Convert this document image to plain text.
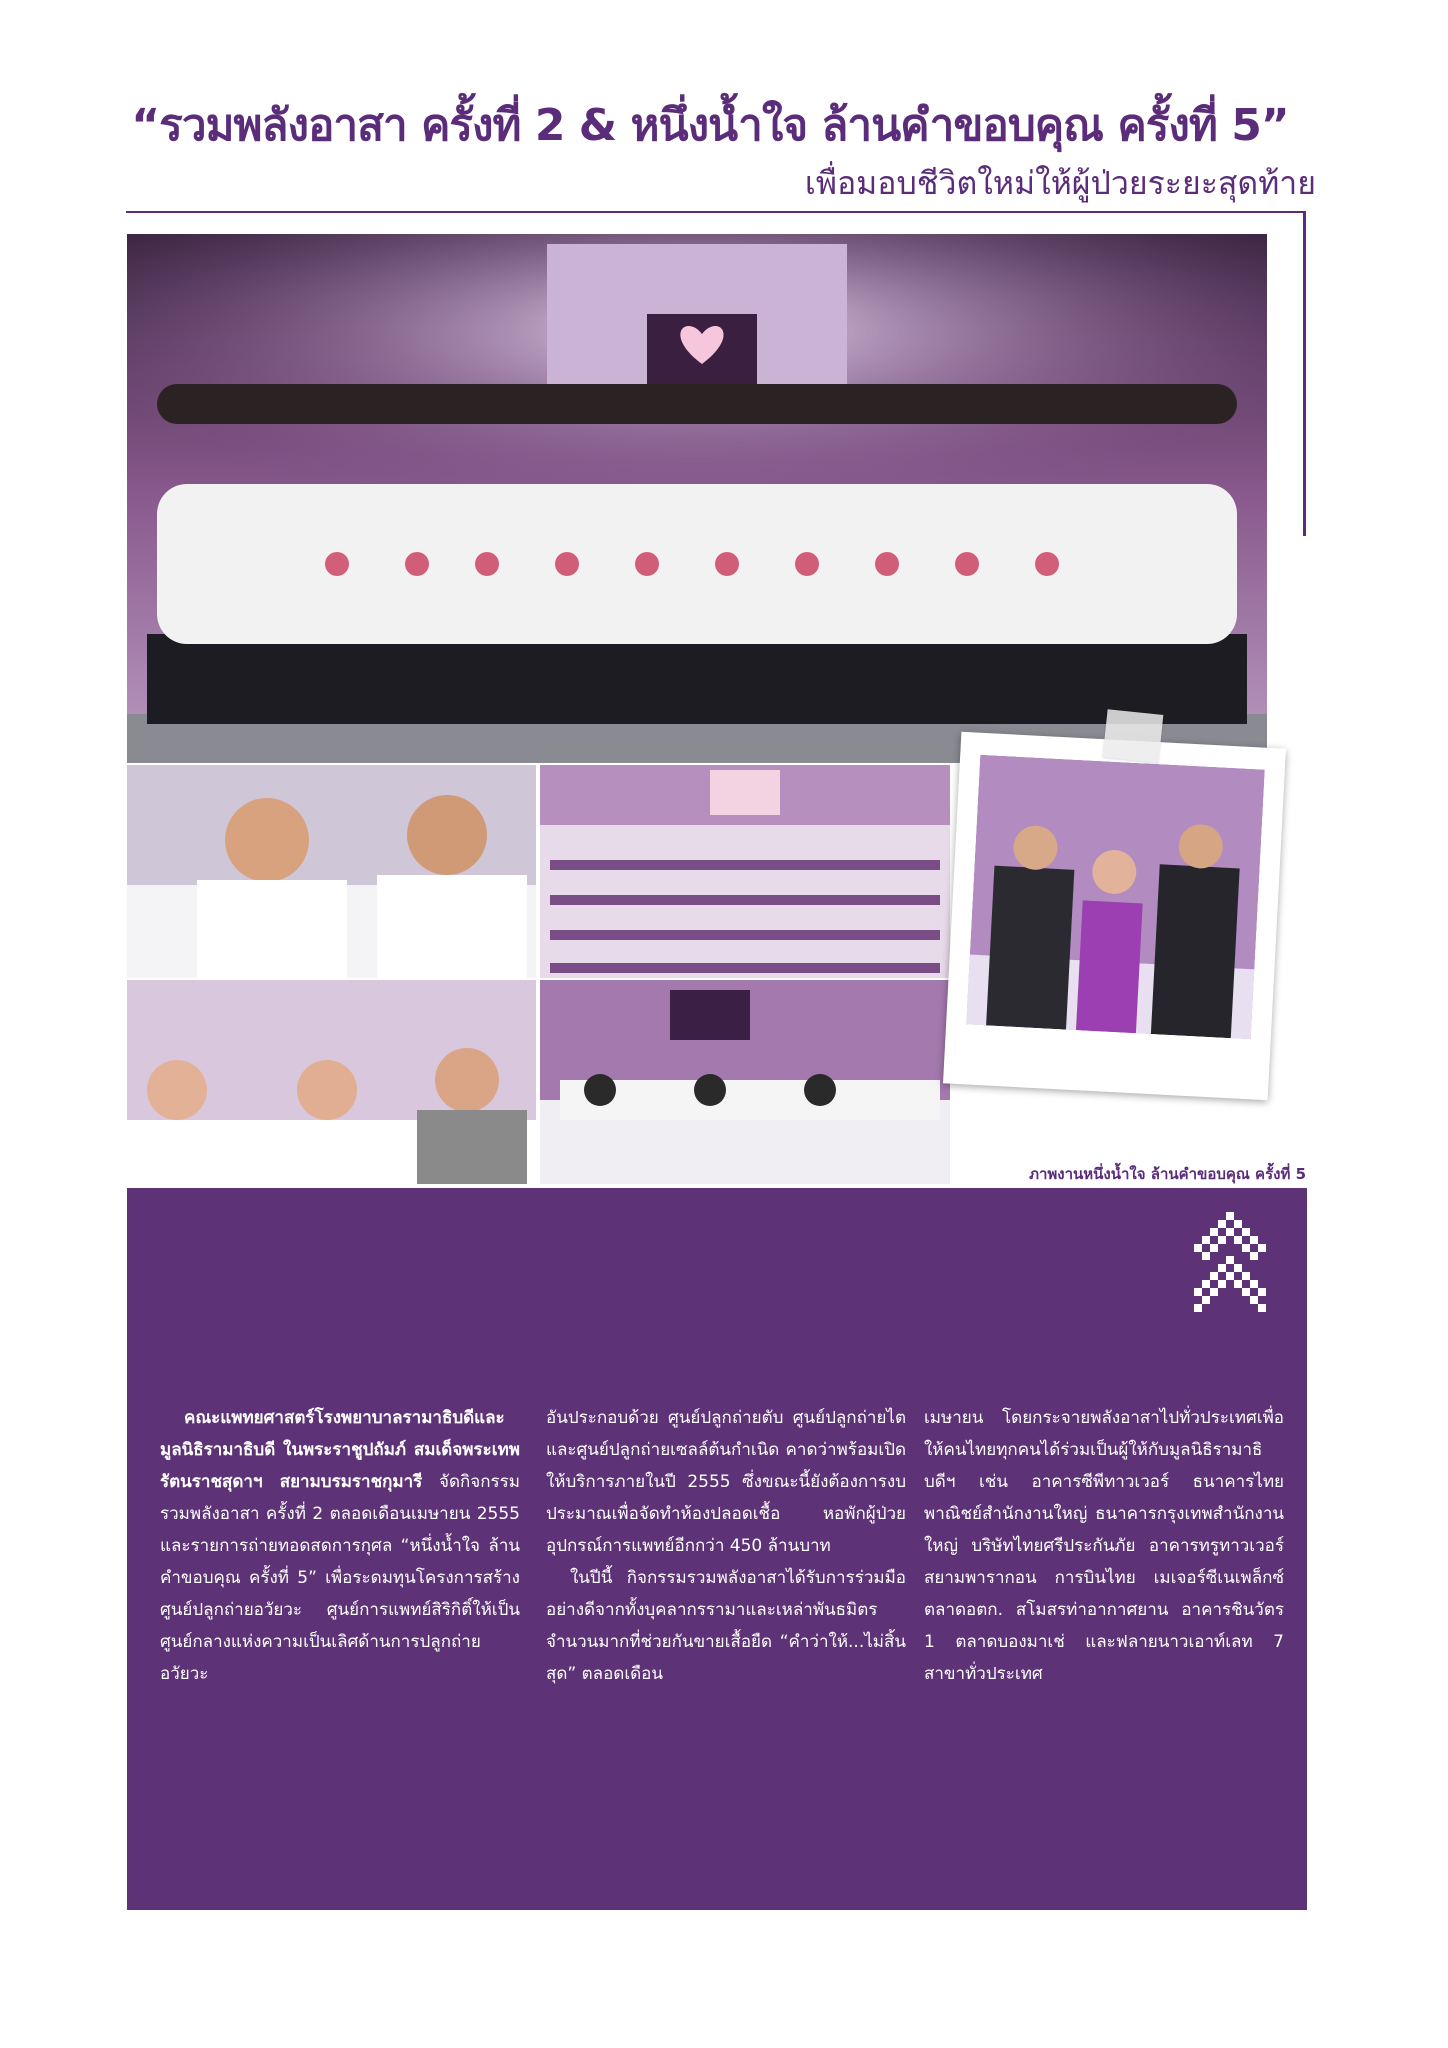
“รวมพลังอาสา ครั้งที่ 2 & หนึ่งน้ำใจ ล้านคำขอบคุณ ครั้งที่ 5”
เพื่อมอบชีวิตใหม่ให้ผู้ป่วยระยะสุดท้าย
ภาพงานหนึ่งน้ำใจ ล้านคำขอบคุณ ครั้งที่ 5

คณะแพทยศาสตร์โรงพยาบาลรามาธิบดีและมูลนิธิรามาธิบดี ในพระราชูปถัมภ์ สมเด็จพระเทพรัตนราชสุดาฯ สยามบรมราชกุมารี จัดกิจกรรมรวมพลังอาสา ครั้งที่ 2 ตลอดเดือนเมษายน 2555 และรายการถ่ายทอดสดการกุศล “หนึ่งน้ำใจ ล้านคำขอบคุณ ครั้งที่ 5” เพื่อระดมทุนโครงการสร้างศูนย์ปลูกถ่ายอวัยวะ ศูนย์การแพทย์สิริกิติ์ให้เป็นศูนย์กลางแห่งความเป็นเลิศด้านการปลูกถ่ายอวัยวะ

อันประกอบด้วย ศูนย์ปลูกถ่ายตับ ศูนย์ปลูกถ่ายไตและศูนย์ปลูกถ่ายเซลล์ต้นกำเนิด คาดว่าพร้อมเปิดให้บริการภายในปี 2555 ซึ่งขณะนี้ยังต้องการงบประมาณเพื่อจัดทำห้องปลอดเชื้อ หอพักผู้ป่วย อุปกรณ์การแพทย์อีกกว่า 450 ล้านบาท

ในปีนี้ กิจกรรมรวมพลังอาสาได้รับการร่วมมืออย่างดีจากทั้งบุคลากรรามาและเหล่าพันธมิตรจำนวนมากที่ช่วยกันขายเสื้อยืด “คำว่าให้...ไม่สิ้นสุด” ตลอดเดือน

เมษายน โดยกระจายพลังอาสาไปทั่วประเทศเพื่อให้คนไทยทุกคนได้ร่วมเป็นผู้ให้กับมูลนิธิรามาธิบดีฯ เช่น อาคารซีพีทาวเวอร์ ธนาคารไทยพาณิชย์สำนักงานใหญ่ ธนาคารกรุงเทพสำนักงานใหญ่ บริษัทไทยศรีประกันภัย อาคารทรูทาวเวอร์ สยามพารากอน การบินไทย เมเจอร์ซีเนเพล็กซ์ ตลาดอตก. สโมสรท่าอากาศยาน อาคารชินวัตร 1 ตลาดบองมาเช่ และฟลายนาวเอาท์เลท 7 สาขาทั่วประเทศ
